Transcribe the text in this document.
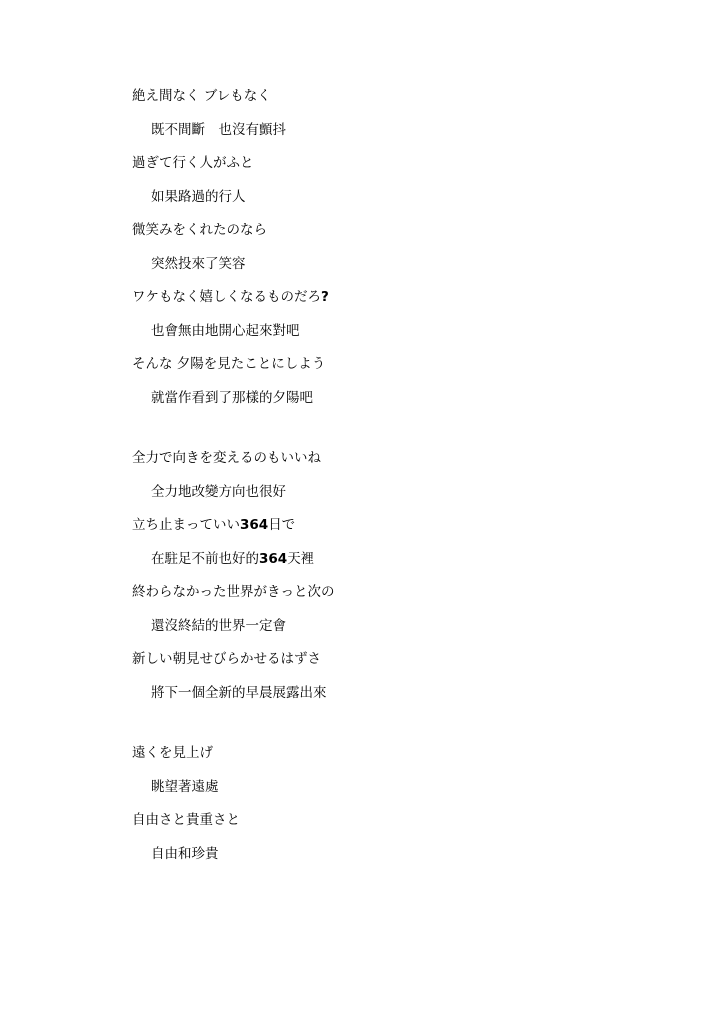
絶え間なく ブレもなく
既不間斷　也沒有顫抖
過ぎて行く人がふと
如果路過的行人
微笑みをくれたのなら
突然投來了笑容
ワケもなく嬉しくなるものだろ?
也會無由地開心起來對吧
そんな 夕陽を見たことにしよう
就當作看到了那樣的夕陽吧
全力で向きを変えるのもいいね
全力地改變方向也很好
立ち止まっていい364日で
在駐足不前也好的364天裡
終わらなかった世界がきっと次の
還沒終結的世界一定會
新しい朝見せびらかせるはずさ
將下一個全新的早晨展露出來
遠くを見上げ
眺望著遠處
自由さと貴重さと
自由和珍貴
